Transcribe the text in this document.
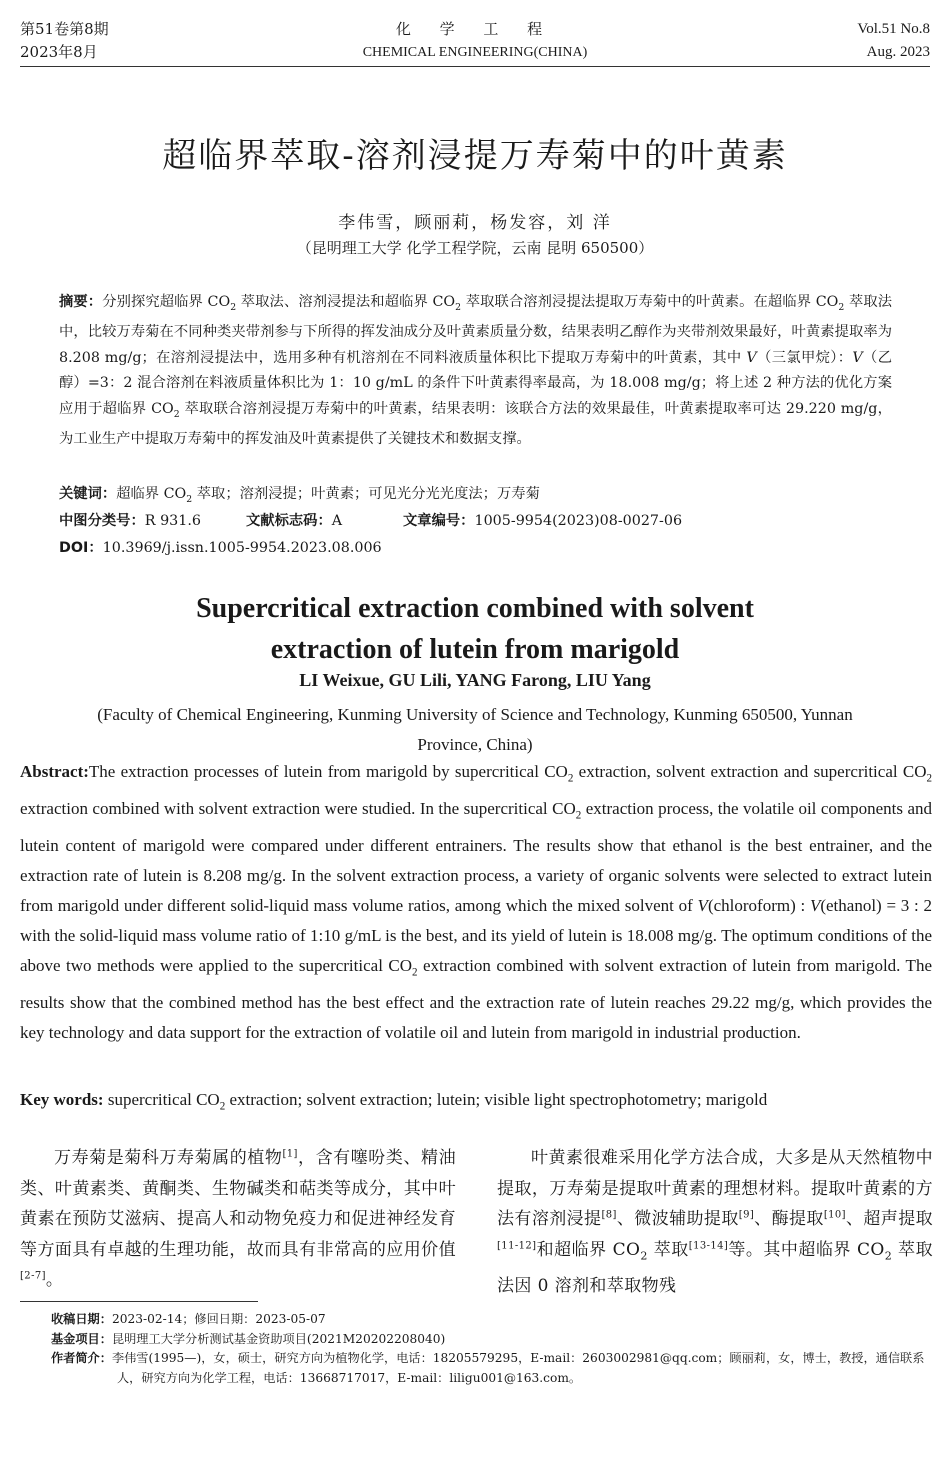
第51卷第8期
2023年8月
化 学 工 程
CHEMICAL ENGINEERING(CHINA)
Vol.51 No.8
Aug. 2023
超临界萃取-溶剂浸提万寿菊中的叶黄素
李伟雪，顾丽莉，杨发容，刘 洋
（昆明理工大学 化学工程学院，云南 昆明 650500）
摘要：分别探究超临界 $CO_2$ 萃取法、溶剂浸提法和超临界 $CO_2$ 萃取联合溶剂浸提法提取万寿菊中的叶黄素。在超临界 $CO_2$ 萃取法中，比较万寿菊在不同种类夹带剂参与下所得的挥发油成分及叶黄素质量分数，结果表明乙醇作为夹带剂效果最好，叶黄素提取率为 8.208 mg/g；在溶剂浸提法中，选用多种有机溶剂在不同料液质量体积比下提取万寿菊中的叶黄素，其中 V（三氯甲烷）：V（乙醇）=3：2 混合溶剂在料液质量体积比为 1：10 g/mL 的条件下叶黄素得率最高，为 18.008 mg/g；将上述 2 种方法的优化方案应用于超临界 $CO_2$ 萃取联合溶剂浸提万寿菊中的叶黄素，结果表明：该联合方法的效果最佳，叶黄素提取率可达 29.220 mg/g，为工业生产中提取万寿菊中的挥发油及叶黄素提供了关键技术和数据支撑。
关键词：超临界 $CO_2$ 萃取；溶剂浸提；叶黄素；可见光分光光度法；万寿菊
中图分类号：R 931.6	文献标志码：A	文章编号：1005-9954(2023)08-0027-06
DOI：10.3969/j.issn.1005-9954.2023.08.006
Supercritical extraction combined with solvent
extraction of lutein from marigold
LI Weixue, GU Lili, YANG Farong, LIU Yang
(Faculty of Chemical Engineering, Kunming University of Science and Technology, Kunming 650500, Yunnan Province, China)
Abstract:The extraction processes of lutein from marigold by supercritical $CO_2$ extraction, solvent extraction and supercritical $CO_2$ extraction combined with solvent extraction were studied. In the supercritical $CO_2$ extraction process, the volatile oil components and lutein content of marigold were compared under different entrainers. The results show that ethanol is the best entrainer, and the extraction rate of lutein is 8.208 mg/g. In the solvent extraction process, a variety of organic solvents were selected to extract lutein from marigold under different solid-liquid mass volume ratios, among which the mixed solvent of V(chloroform) : V(ethanol) = 3 : 2 with the solid-liquid mass volume ratio of 1:10 g/mL is the best, and its yield of lutein is 18.008 mg/g. The optimum conditions of the above two methods were applied to the supercritical $CO_2$ extraction combined with solvent extraction of lutein from marigold. The results show that the combined method has the best effect and the extraction rate of lutein reaches 29.22 mg/g, which provides the key technology and data support for the extraction of volatile oil and lutein from marigold in industrial production.
Key words: supercritical $CO_2$ extraction; solvent extraction; lutein; visible light spectrophotometry; marigold

万寿菊是菊科万寿菊属的植物[1]，含有噻吩类、精油类、叶黄素类、黄酮类、生物碱类和萜类等成分，其中叶黄素在预防艾滋病、提高人和动物免疫力和促进神经发育等方面具有卓越的生理功能，故而具有非常高的应用价值[2-7]。

叶黄素很难采用化学方法合成，大多是从天然植物中提取，万寿菊是提取叶黄素的理想材料。提取叶黄素的方法有溶剂浸提[8]、微波辅助提取[9]、酶提取[10]、超声提取[11-12]和超临界 $CO_2$ 萃取[13-14]等。其中超临界 $CO_2$ 萃取法因 0 溶剂和萃取物残

收稿日期：2023-02-14；修回日期：2023-05-07
基金项目：昆明理工大学分析测试基金资助项目(2021M20202208040)
作者简介：李伟雪(1995—)，女，硕士，研究方向为植物化学，电话：18205579295，E-mail：2603002981@qq.com；顾丽莉，女，博士，教授，通信联系人，研究方向为化学工程，电话：13668717017，E-mail：liligu001@163.com。
